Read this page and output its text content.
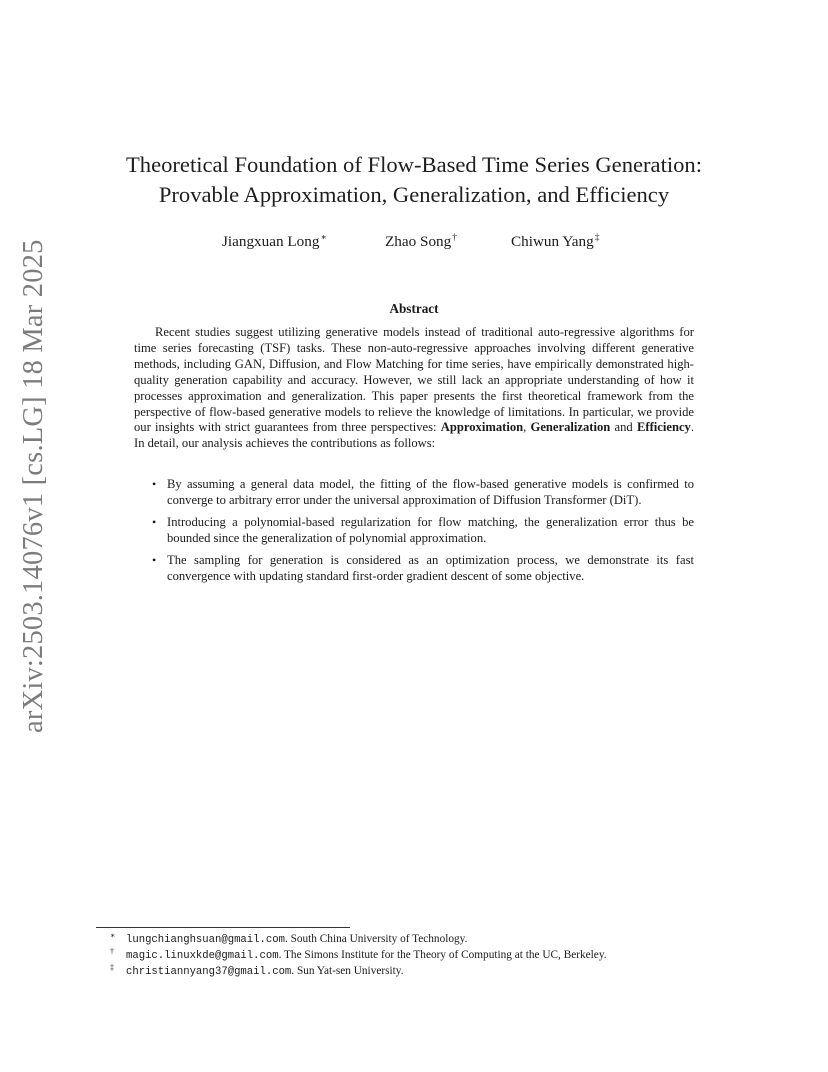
arXiv:2503.14076v1 [cs.LG] 18 Mar 2025
Theoretical Foundation of Flow-Based Time Series Generation:
Provable Approximation, Generalization, and Efficiency
Jiangxuan Long∗	Zhao Song†	Chiwun Yang‡
Abstract
Recent studies suggest utilizing generative models instead of traditional auto-regressive algorithms for time series forecasting (TSF) tasks. These non-auto-regressive approaches involving different generative methods, including GAN, Diffusion, and Flow Matching for time series, have empirically demonstrated high-quality generation capability and accuracy. However, we still lack an appropriate understanding of how it processes approximation and generalization. This paper presents the first theoretical framework from the perspective of flow-based generative models to relieve the knowledge of limitations. In particular, we provide our insights with strict guarantees from three perspectives: Approximation, Generalization and Efficiency. In detail, our analysis achieves the contributions as follows:
• By assuming a general data model, the fitting of the flow-based generative models is confirmed to converge to arbitrary error under the universal approximation of Diffusion Transformer (DiT).
• Introducing a polynomial-based regularization for flow matching, the generalization error thus be bounded since the generalization of polynomial approximation.
• The sampling for generation is considered as an optimization process, we demonstrate its fast convergence with updating standard first-order gradient descent of some objective.
∗ lungchianghsuan@gmail.com. South China University of Technology.
† magic.linuxkde@gmail.com. The Simons Institute for the Theory of Computing at the UC, Berkeley.
‡ christiannyang37@gmail.com. Sun Yat-sen University.
